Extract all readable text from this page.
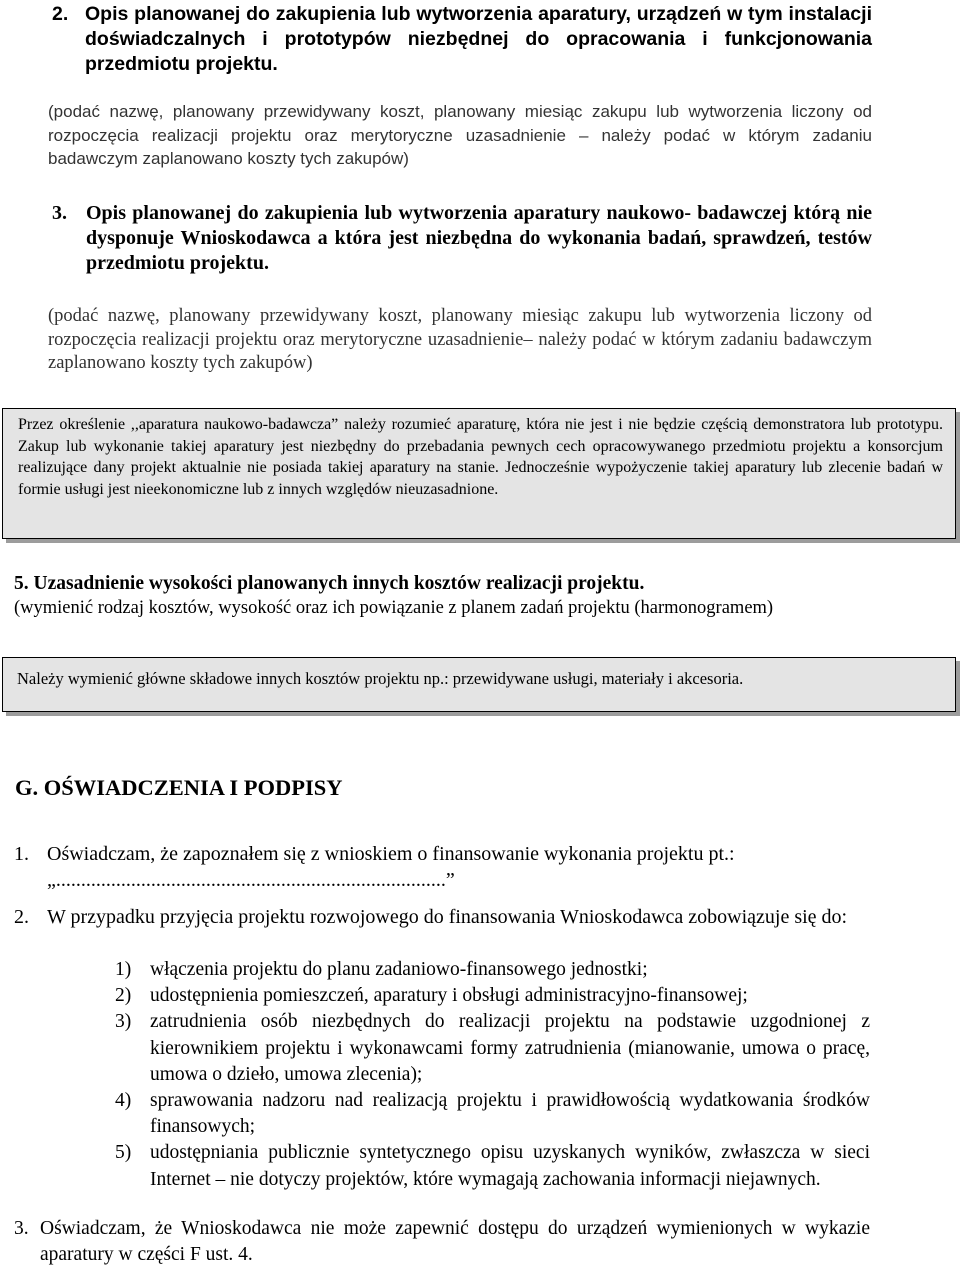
2. Opis planowanej do zakupienia lub wytworzenia aparatury, urządzeń w tym instalacji doświadczalnych i prototypów niezbędnej do opracowania i funkcjonowania przedmiotu projektu.
(podać nazwę, planowany przewidywany koszt, planowany miesiąc zakupu lub wytworzenia liczony od rozpoczęcia realizacji projektu oraz merytoryczne uzasadnienie – należy podać w którym zadaniu badawczym zaplanowano koszty tych zakupów)
3. Opis planowanej do zakupienia lub wytworzenia aparatury naukowo- badawczej którą nie dysponuje Wnioskodawca a która jest niezbędna do wykonania badań, sprawdzeń, testów przedmiotu projektu.
(podać nazwę, planowany przewidywany koszt, planowany miesiąc zakupu lub wytworzenia liczony od rozpoczęcia realizacji projektu oraz merytoryczne uzasadnienie– należy podać w którym zadaniu badawczym zaplanowano koszty tych zakupów)
Przez określenie ,,aparatura naukowo-badawcza” należy rozumieć aparaturę, która nie jest i nie będzie częścią demonstratora lub prototypu. Zakup lub wykonanie takiej aparatury jest niezbędny do przebadania pewnych cech opracowywanego przedmiotu projektu a konsorcjum realizujące dany projekt aktualnie nie posiada takiej aparatury na stanie. Jednocześnie wypożyczenie takiej aparatury lub zlecenie badań w formie usługi jest nieekonomiczne lub z innych względów nieuzasadnione.
5. Uzasadnienie wysokości planowanych innych kosztów realizacji projektu.
(wymienić rodzaj kosztów, wysokość oraz ich powiązanie z planem zadań projektu (harmonogramem)
Należy wymienić główne składowe innych kosztów projektu np.: przewidywane usługi, materiały i akcesoria.
G. OŚWIADCZENIA I PODPISY
1. Oświadczam, że zapoznałem się z wnioskiem o finansowanie wykonania projektu pt.:
„..............................................................................”
2. W przypadku przyjęcia projektu rozwojowego do finansowania Wnioskodawca zobowiązuje się do:
1) włączenia projektu do planu zadaniowo-finansowego jednostki;
2) udostępnienia pomieszczeń, aparatury i obsługi administracyjno-finansowej;
3) zatrudnienia osób niezbędnych do realizacji projektu na podstawie uzgodnionej z kierownikiem projektu i wykonawcami formy zatrudnienia (mianowanie, umowa o pracę, umowa o dzieło, umowa zlecenia);
4) sprawowania nadzoru nad realizacją projektu i prawidłowością wydatkowania środków finansowych;
5) udostępniania publicznie syntetycznego opisu uzyskanych wyników, zwłaszcza w sieci Internet – nie dotyczy projektów, które wymagają zachowania informacji niejawnych.
3. Oświadczam, że Wnioskodawca nie może zapewnić dostępu do urządzeń wymienionych w wykazie aparatury w części F ust. 4.
